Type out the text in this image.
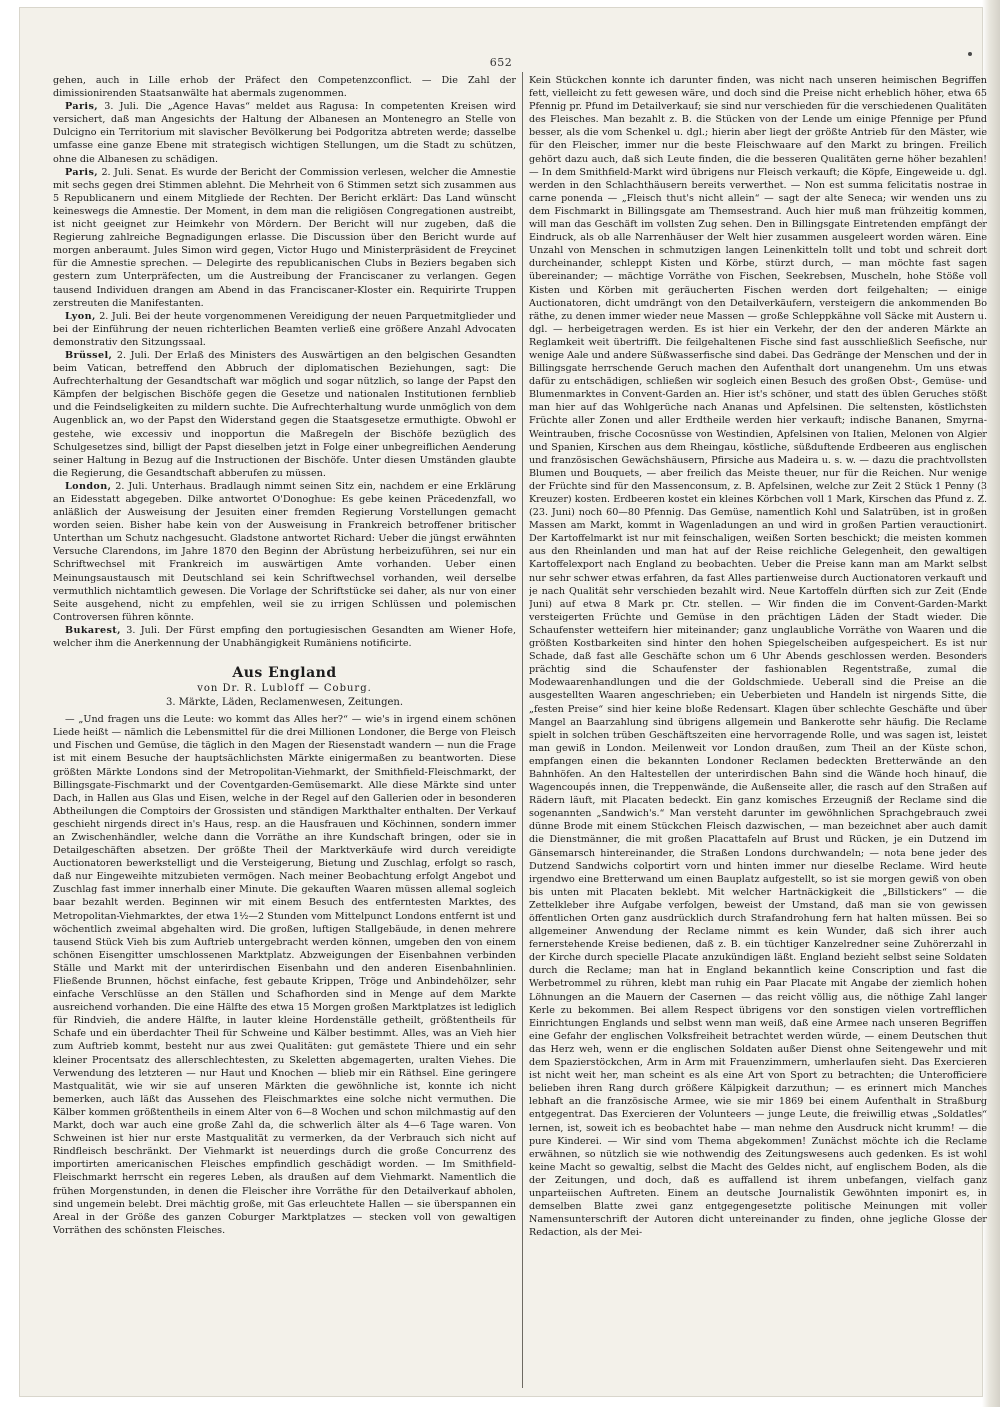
652

gehen, auch in Lille erhob der Präfect den Competenzconflict. — Die Zahl der dimissionirenden Staatsanwälte hat abermals zugenommen.

Paris, 3. Juli. Die „Agence Havas“ meldet aus Ragusa: In competenten Kreisen wird versichert, daß man Angesichts der Haltung der Albanesen an Montenegro an Stelle von Dulcigno ein Territorium mit slavischer Bevölkerung bei Podgoritza abtreten werde; dasselbe umfasse eine ganze Ebene mit strategisch wichtigen Stellungen, um die Stadt zu schützen, ohne die Albanesen zu schädigen.

Paris, 2. Juli. Senat. Es wurde der Bericht der Commission verlesen, welcher die Amnestie mit sechs gegen drei Stimmen ablehnt. Die Mehrheit von 6 Stimmen setzt sich zusammen aus 5 Republicanern und einem Mitgliede der Rechten. Der Bericht erklärt: Das Land wünscht keineswegs die Amnestie. Der Moment, in dem man die religiösen Congregationen austreibt, ist nicht geeignet zur Heimkehr von Mördern. Der Bericht will nur zugeben, daß die Regierung zahlreiche Begnadigungen erlasse. Die Discussion über den Bericht wurde auf morgen anberaumt. Jules Simon wird gegen, Victor Hugo und Ministerpräsident de Freycinet für die Amnestie sprechen. — Delegirte des republicanischen Clubs in Beziers begaben sich gestern zum Unterpräfecten, um die Austreibung der Franciscaner zu verlangen. Gegen tausend Individuen drangen am Abend in das Franciscaner-Kloster ein. Requirirte Truppen zerstreuten die Manifestanten.

Lyon, 2. Juli. Bei der heute vorgenommenen Vereidigung der neuen Parquetmitglieder und bei der Einführung der neuen richterlichen Beamten verließ eine größere Anzahl Advocaten demonstrativ den Sitzungssaal.

Brüssel, 2. Juli. Der Erlaß des Ministers des Auswärtigen an den belgischen Gesandten beim Vatican, betreffend den Abbruch der diplomatischen Beziehungen, sagt: Die Aufrechterhaltung der Gesandtschaft war möglich und sogar nützlich, so lange der Papst den Kämpfen der belgischen Bischöfe gegen die Gesetze und nationalen Institutionen fernblieb und die Feindseligkeiten zu mildern suchte. Die Aufrechterhaltung wurde unmöglich von dem Augenblick an, wo der Papst den Widerstand gegen die Staatsgesetze ermuthigte. Obwohl er gestehe, wie excessiv und inopportun die Maßregeln der Bischöfe bezüglich des Schulgesetzes sind, billigt der Papst dieselben jetzt in Folge einer unbegreiflichen Aenderung seiner Haltung in Bezug auf die Instructionen der Bischöfe. Unter diesen Umständen glaubte die Regierung, die Gesandtschaft abberufen zu müssen.

London, 2. Juli. Unterhaus. Bradlaugh nimmt seinen Sitz ein, nachdem er eine Erklärung an Eidesstatt abgegeben. Dilke antwortet O'Donoghue: Es gebe keinen Präcedenzfall, wo anläßlich der Ausweisung der Jesuiten einer fremden Regierung Vorstellungen gemacht worden seien. Bisher habe kein von der Ausweisung in Frankreich betroffener britischer Unterthan um Schutz nachgesucht. Gladstone antwortet Richard: Ueber die jüngst erwähnten Versuche Clarendons, im Jahre 1870 den Beginn der Abrüstung herbeizuführen, sei nur ein Schriftwechsel mit Frankreich im auswärtigen Amte vorhanden. Ueber einen Meinungsaustausch mit Deutschland sei kein Schriftwechsel vorhanden, weil derselbe vermuthlich nichtamtlich gewesen. Die Vorlage der Schriftstücke sei daher, als nur von einer Seite ausgehend, nicht zu empfehlen, weil sie zu irrigen Schlüssen und polemischen Controversen führen könnte.

Bukarest, 3. Juli. Der Fürst empfing den portugiesischen Gesandten am Wiener Hofe, welcher ihm die Anerkennung der Unabhängigkeit Rumäniens notificirte.

Aus England
von Dr. R. Lubloff — Coburg.
3. Märkte, Läden, Reclamenwesen, Zeitungen.

— „Und fragen uns die Leute: wo kommt das Alles her?“ — wie's in irgend einem schönen Liede heißt — nämlich die Lebensmittel für die drei Millionen Londoner, die Berge von Fleisch und Fischen und Gemüse, die täglich in den Magen der Riesenstadt wandern — nun die Frage ist mit einem Besuche der hauptsächlichsten Märkte einigermaßen zu beantworten. Diese größten Märkte Londons sind der Metropolitan-Viehmarkt, der Smithfield-Fleischmarkt, der Billingsgate-Fischmarkt und der Coventgarden-Gemüsemarkt. Alle diese Märkte sind unter Dach, in Hallen aus Glas und Eisen, welche in der Regel auf den Gallerien oder in besonderen Abtheilungen die Comptoirs der Grossisten und ständigen Markthalter enthalten. Der Verkauf geschieht nirgends direct in's Haus, resp. an die Hausfrauen und Köchinnen, sondern immer an Zwischenhändler, welche dann die Vorräthe an ihre Kundschaft bringen, oder sie in Detailgeschäften absetzen. Der größte Theil der Marktverkäufe wird durch vereidigte Auctionatoren bewerkstelligt und die Versteigerung, Bietung und Zuschlag, erfolgt so rasch, daß nur Eingeweihte mitzubieten vermögen. Nach meiner Beobachtung erfolgt Angebot und Zuschlag fast immer innerhalb einer Minute. Die gekauften Waaren müssen allemal sogleich baar bezahlt werden. Beginnen wir mit einem Besuch des entferntesten Marktes, des Metropolitan-Viehmarktes, der etwa 1½—2 Stunden vom Mittelpunct Londons entfernt ist und wöchentlich zweimal abgehalten wird. Die großen, luftigen Stallgebäude, in denen mehrere tausend Stück Vieh bis zum Auftrieb untergebracht werden können, umgeben den von einem schönen Eisengitter umschlossenen Marktplatz. Abzweigungen der Eisenbahnen verbinden Ställe und Markt mit der unterirdischen Eisenbahn und den anderen Eisenbahnlinien. Fließende Brunnen, höchst einfache, fest gebaute Krippen, Tröge und Anbindehölzer, sehr einfache Verschlüsse an den Ställen und Schafhorden sind in Menge auf dem Markte ausreichend vorhanden. Die eine Hälfte des etwa 15 Morgen großen Marktplatzes ist lediglich für Rindvieh, die andere Hälfte, in lauter kleine Hordenställe getheilt, größtentheils für Schafe und ein überdachter Theil für Schweine und Kälber bestimmt. Alles, was an Vieh hier zum Auftrieb kommt, besteht nur aus zwei Qualitäten: gut gemästete Thiere und ein sehr kleiner Procentsatz des allerschlechtesten, zu Skeletten abgemagerten, uralten Viehes. Die Verwendung des letzteren — nur Haut und Knochen — blieb mir ein Räthsel. Eine geringere Mastqualität, wie wir sie auf unseren Märkten die gewöhnliche ist, konnte ich nicht bemerken, auch läßt das Aussehen des Fleischmarktes eine solche nicht vermuthen. Die Kälber kommen größtentheils in einem Alter von 6—8 Wochen und schon milchmastig auf den Markt, doch war auch eine große Zahl da, die schwerlich älter als 4—6 Tage waren. Von Schweinen ist hier nur erste Mastqualität zu vermerken, da der Verbrauch sich nicht auf Rindfleisch beschränkt. Der Viehmarkt ist neuerdings durch die große Concurrenz des importirten americanischen Fleisches empfindlich geschädigt worden. — Im Smithfield-Fleischmarkt herrscht ein regeres Leben, als draußen auf dem Viehmarkt. Namentlich die frühen Morgenstunden, in denen die Fleischer ihre Vorräthe für den Detailverkauf abholen, sind ungemein belebt. Drei mächtig große, mit Gas erleuchtete Hallen — sie überspannen ein Areal in der Größe des ganzen Coburger Marktplatzes — stecken voll von gewaltigen Vorräthen des schönsten Fleisches.

Kein Stückchen konnte ich darunter finden, was nicht nach unseren heimischen Begriffen fett, vielleicht zu fett gewesen wäre, und doch sind die Preise nicht erheblich höher, etwa 65 Pfennig pr. Pfund im Detailverkauf; sie sind nur verschieden für die verschiedenen Qualitäten des Fleisches. Man bezahlt z. B. die Stücken von der Lende um einige Pfennige per Pfund besser, als die vom Schenkel u. dgl.; hierin aber liegt der größte Antrieb für den Mäster, wie für den Fleischer, immer nur die beste Fleischwaare auf den Markt zu bringen. Freilich gehört dazu auch, daß sich Leute finden, die die besseren Qualitäten gerne höher bezahlen! — In dem Smithfield-Markt wird übrigens nur Fleisch verkauft; die Köpfe, Eingeweide u. dgl. werden in den Schlachthäusern bereits verwerthet. — Non est summa felicitatis nostrae in carne ponenda — „Fleisch thut's nicht allein“ — sagt der alte Seneca; wir wenden uns zu dem Fischmarkt in Billingsgate am Themsestrand. Auch hier muß man frühzeitig kommen, will man das Geschäft im vollsten Zug sehen. Den in Billingsgate Eintretenden empfängt der Eindruck, als ob alle Narrenhäuser der Welt hier zusammen ausgeleert worden wären. Eine Unzahl von Menschen in schmutzigen langen Leinenkitteln tollt und tobt und schreit dort durcheinander, schleppt Kisten und Körbe, stürzt durch, — man möchte fast sagen übereinander; — mächtige Vorräthe von Fischen, Seekrebsen, Muscheln, hohe Stöße voll Kisten und Körben mit geräucherten Fischen werden dort feilgehalten; — einige Auctionatoren, dicht umdrängt von den Detailverkäufern, versteigern die ankommenden Bo räthe, zu denen immer wieder neue Massen — große Schleppkähne voll Säcke mit Austern u. dgl. — herbeigetragen werden. Es ist hier ein Verkehr, der den der anderen Märkte an Reglamkeit weit übertrifft. Die feilgehaltenen Fische sind fast ausschließlich Seefische, nur wenige Aale und andere Süßwasserfische sind dabei. Das Gedränge der Menschen und der in Billingsgate herrschende Geruch machen den Aufenthalt dort unangenehm. Um uns etwas dafür zu entschädigen, schließen wir sogleich einen Besuch des großen Obst-, Gemüse- und Blumenmarktes in Convent-Garden an. Hier ist's schöner, und statt des üblen Geruches stößt man hier auf das Wohlgerüche nach Ananas und Apfelsinen. Die seltensten, köstlichsten Früchte aller Zonen und aller Erdtheile werden hier verkauft; indische Bananen, Smyrna-Weintrauben, frische Cocosnüsse von Westindien, Apfelsinen von Italien, Melonen von Algier und Spanien, Kirschen aus dem Rheingau, köstliche, süßduftende Erdbeeren aus englischen und französischen Gewächshäusern, Pfirsiche aus Madeira u. s. w. — dazu die prachtvollsten Blumen und Bouquets, — aber freilich das Meiste theuer, nur für die Reichen. Nur wenige der Früchte sind für den Massenconsum, z. B. Apfelsinen, welche zur Zeit 2 Stück 1 Penny (3 Kreuzer) kosten. Erdbeeren kostet ein kleines Körbchen voll 1 Mark, Kirschen das Pfund z. Z. (23. Juni) noch 60—80 Pfennig. Das Gemüse, namentlich Kohl und Salatrüben, ist in großen Massen am Markt, kommt in Wagenladungen an und wird in großen Partien verauctionirt. Der Kartoffelmarkt ist nur mit feinschaligen, weißen Sorten beschickt; die meisten kommen aus den Rheinlanden und man hat auf der Reise reichliche Gelegenheit, den gewaltigen Kartoffelexport nach England zu beobachten. Ueber die Preise kann man am Markt selbst nur sehr schwer etwas erfahren, da fast Alles partienweise durch Auctionatoren verkauft und je nach Qualität sehr verschieden bezahlt wird. Neue Kartoffeln dürften sich zur Zeit (Ende Juni) auf etwa 8 Mark pr. Ctr. stellen. — Wir finden die im Convent-Garden-Markt versteigerten Früchte und Gemüse in den prächtigen Läden der Stadt wieder. Die Schaufenster wetteifern hier miteinander; ganz unglaubliche Vorräthe von Waaren und die größten Kostbarkeiten sind hinter den hohen Spiegelscheiben aufgespeichert. Es ist nur Schade, daß fast alle Geschäfte schon um 6 Uhr Abends geschlossen werden. Besonders prächtig sind die Schaufenster der fashionablen Regentstraße, zumal die Modewaarenhandlungen und die der Goldschmiede. Ueberall sind die Preise an die ausgestellten Waaren angeschrieben; ein Ueberbieten und Handeln ist nirgends Sitte, die „festen Preise“ sind hier keine bloße Redensart. Klagen über schlechte Geschäfte und über Mangel an Baarzahlung sind übrigens allgemein und Bankerotte sehr häufig. Die Reclame spielt in solchen trüben Geschäftszeiten eine hervorragende Rolle, und was sagen ist, leistet man gewiß in London. Meilenweit vor London draußen, zum Theil an der Küste schon, empfangen einen die bekannten Londoner Reclamen bedeckten Bretterwände an den Bahnhöfen. An den Haltestellen der unterirdischen Bahn sind die Wände hoch hinauf, die Wagencoupés innen, die Treppenwände, die Außenseite aller, die rasch auf den Straßen auf Rädern läuft, mit Placaten bedeckt. Ein ganz komisches Erzeugniß der Reclame sind die sogenannten „Sandwich's.“ Man versteht darunter im gewöhnlichen Sprachgebrauch zwei dünne Brode mit einem Stückchen Fleisch dazwischen, — man bezeichnet aber auch damit die Dienstmänner, die mit großen Placattafeln auf Brust und Rücken, je ein Dutzend im Gänsemarsch hintereinander, die Straßen Londons durchwandeln; — nota bene jeder des Dutzend Sandwichs colportirt vorn und hinten immer nur dieselbe Reclame. Wird heute irgendwo eine Bretterwand um einen Bauplatz aufgestellt, so ist sie morgen gewiß von oben bis unten mit Placaten beklebt. Mit welcher Hartnäckigkeit die „Billstickers“ — die Zettelkleber ihre Aufgabe verfolgen, beweist der Umstand, daß man sie von gewissen öffentlichen Orten ganz ausdrücklich durch Strafandrohung fern hat halten müssen. Bei so allgemeiner Anwendung der Reclame nimmt es kein Wunder, daß sich ihrer auch fernerstehende Kreise bedienen, daß z. B. ein tüchtiger Kanzelredner seine Zuhörerzahl in der Kirche durch specielle Placate anzukündigen läßt. England bezieht selbst seine Soldaten durch die Reclame; man hat in England bekanntlich keine Conscription und fast die Werbetrommel zu rühren, klebt man ruhig ein Paar Placate mit Angabe der ziemlich hohen Löhnungen an die Mauern der Casernen — das reicht völlig aus, die nöthige Zahl langer Kerle zu bekommen. Bei allem Respect übrigens vor den sonstigen vielen vortrefflichen Einrichtungen Englands und selbst wenn man weiß, daß eine Armee nach unseren Begriffen eine Gefahr der englischen Volksfreiheit betrachtet werden würde, — einem Deutschen thut das Herz weh, wenn er die englischen Soldaten außer Dienst ohne Seitengewehr und mit dem Spazierstöckchen, Arm in Arm mit Frauenzimmern, umherlaufen sieht. Das Exercieren ist nicht weit her, man scheint es als eine Art von Sport zu betrachten; die Unterofficiere belieben ihren Rang durch größere Kälpigkeit darzuthun; — es erinnert mich Manches lebhaft an die französische Armee, wie sie mir 1869 bei einem Aufenthalt in Straßburg entgegentrat. Das Exercieren der Volunteers — junge Leute, die freiwillig etwas „Soldatles“ lernen, ist, soweit ich es beobachtet habe — man nehme den Ausdruck nicht krumm! — die pure Kinderei. — Wir sind vom Thema abgekommen! Zunächst möchte ich die Reclame erwähnen, so nützlich sie wie nothwendig des Zeitungswesens auch gedenken. Es ist wohl keine Macht so gewaltig, selbst die Macht des Geldes nicht, auf englischem Boden, als die der Zeitungen, und doch, daß es auffallend ist ihrem unbefangen, vielfach ganz unparteiischen Auftreten. Einem an deutsche Journalistik Gewöhnten imponirt es, in demselben Blatte zwei ganz entgegengesetzte politische Meinungen mit voller Namensunterschrift der Autoren dicht untereinander zu finden, ohne jegliche Glosse der Redaction, als der Mei-
